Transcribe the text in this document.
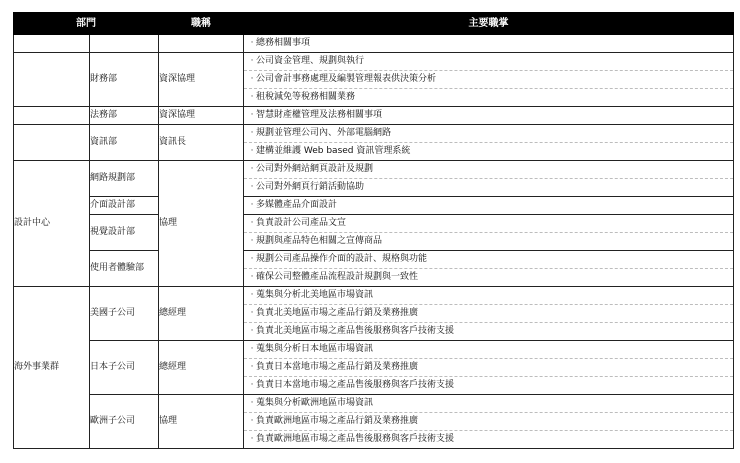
部門		職稱	主要職掌

			· 總務相關事項

	財務部	資深協理	· 公司資金管理、規劃與執行
· 公司會計事務處理及編製管理報表供決策分析
· 租稅減免等稅務相關業務

	法務部	資深協理	· 智慧財產權管理及法務相關事項

	資訊部	資訊長	· 規劃並管理公司內、外部電腦網路
· 建構並維護 Web based 資訊管理系統

設計中心	網路規劃部	協理	· 公司對外網站網頁設計及規劃
· 公司對外網頁行銷活動協助

	介面設計部		· 多媒體產品介面設計

	視覺設計部		· 負責設計公司產品文宣
· 規劃與產品特色相關之宣傳商品

	使用者體驗部		· 規劃公司產品操作介面的設計、規格與功能
· 確保公司整體產品流程設計規劃與一致性

海外事業群	美國子公司	總經理	· 蒐集與分析北美地區市場資訊
· 負責北美地區市場之產品行銷及業務推廣
· 負責北美地區市場之產品售後服務與客戶技術支援

	日本子公司	總經理	· 蒐集與分析日本地區市場資訊
· 負責日本當地市場之產品行銷及業務推廣
· 負責日本當地市場之產品售後服務與客戶技術支援

	歐洲子公司	協理	· 蒐集與分析歐洲地區市場資訊
· 負責歐洲地區市場之產品行銷及業務推廣
· 負責歐洲地區市場之產品售後服務與客戶技術支援
